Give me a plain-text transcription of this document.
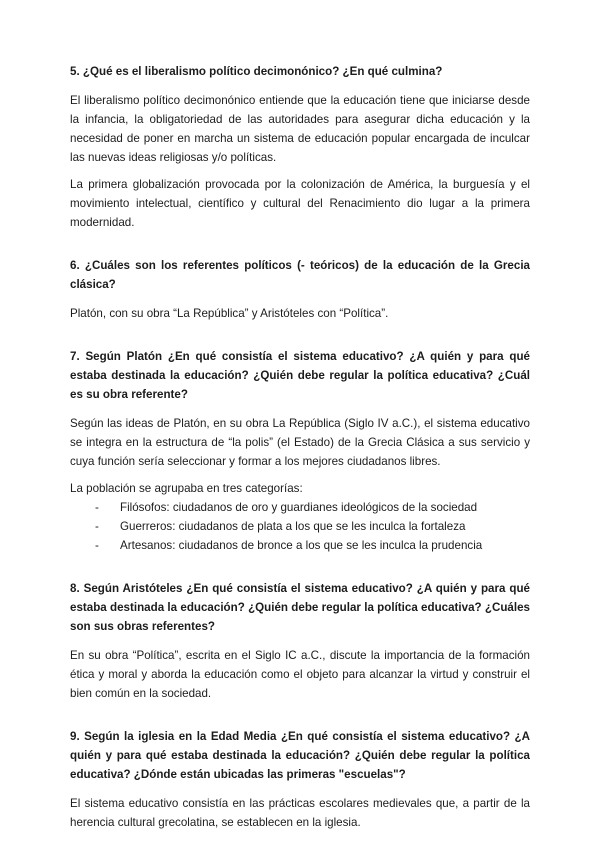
5. ¿Qué es el liberalismo político decimonónico? ¿En qué culmina?

El liberalismo político decimonónico entiende que la educación tiene que iniciarse desde la infancia, la obligatoriedad de las autoridades para asegurar dicha educación y la necesidad de poner en marcha un sistema de educación popular encargada de inculcar las nuevas ideas religiosas y/o políticas.

La primera globalización provocada por la colonización de América, la burguesía y el movimiento intelectual, científico y cultural del Renacimiento dio lugar a la primera modernidad.

6. ¿Cuáles son los referentes políticos (- teóricos) de la educación de la Grecia clásica?

Platón, con su obra “La República” y Aristóteles con “Política”.

7. Según Platón ¿En qué consistía el sistema educativo? ¿A quién y para qué estaba destinada la educación? ¿Quién debe regular la política educativa? ¿Cuál es su obra referente?

Según las ideas de Platón, en su obra La República (Siglo IV a.C.), el sistema educativo se integra en la estructura de “la polis” (el Estado) de la Grecia Clásica a sus servicio y cuya función sería seleccionar y formar a los mejores ciudadanos libres.

La población se agrupaba en tres categorías:

-	Filósofos: ciudadanos de oro y guardianes ideológicos de la sociedad
-	Guerreros: ciudadanos de plata a los que se les inculca la fortaleza
-	Artesanos: ciudadanos de bronce a los que se les inculca la prudencia

8. Según Aristóteles ¿En qué consistía el sistema educativo? ¿A quién y para qué estaba destinada la educación? ¿Quién debe regular la política educativa? ¿Cuáles son sus obras referentes?

En su obra “Política”, escrita en el Siglo IC a.C., discute la importancia de la formación ética y moral y aborda la educación como el objeto para alcanzar la virtud y construir el bien común en la sociedad.

9. Según la iglesia en la Edad Media ¿En qué consistía el sistema educativo? ¿A quién y para qué estaba destinada la educación? ¿Quién debe regular la política educativa? ¿Dónde están ubicadas las primeras "escuelas"?

El sistema educativo consistía en las prácticas escolares medievales que, a partir de la herencia cultural grecolatina, se establecen en la iglesia.
